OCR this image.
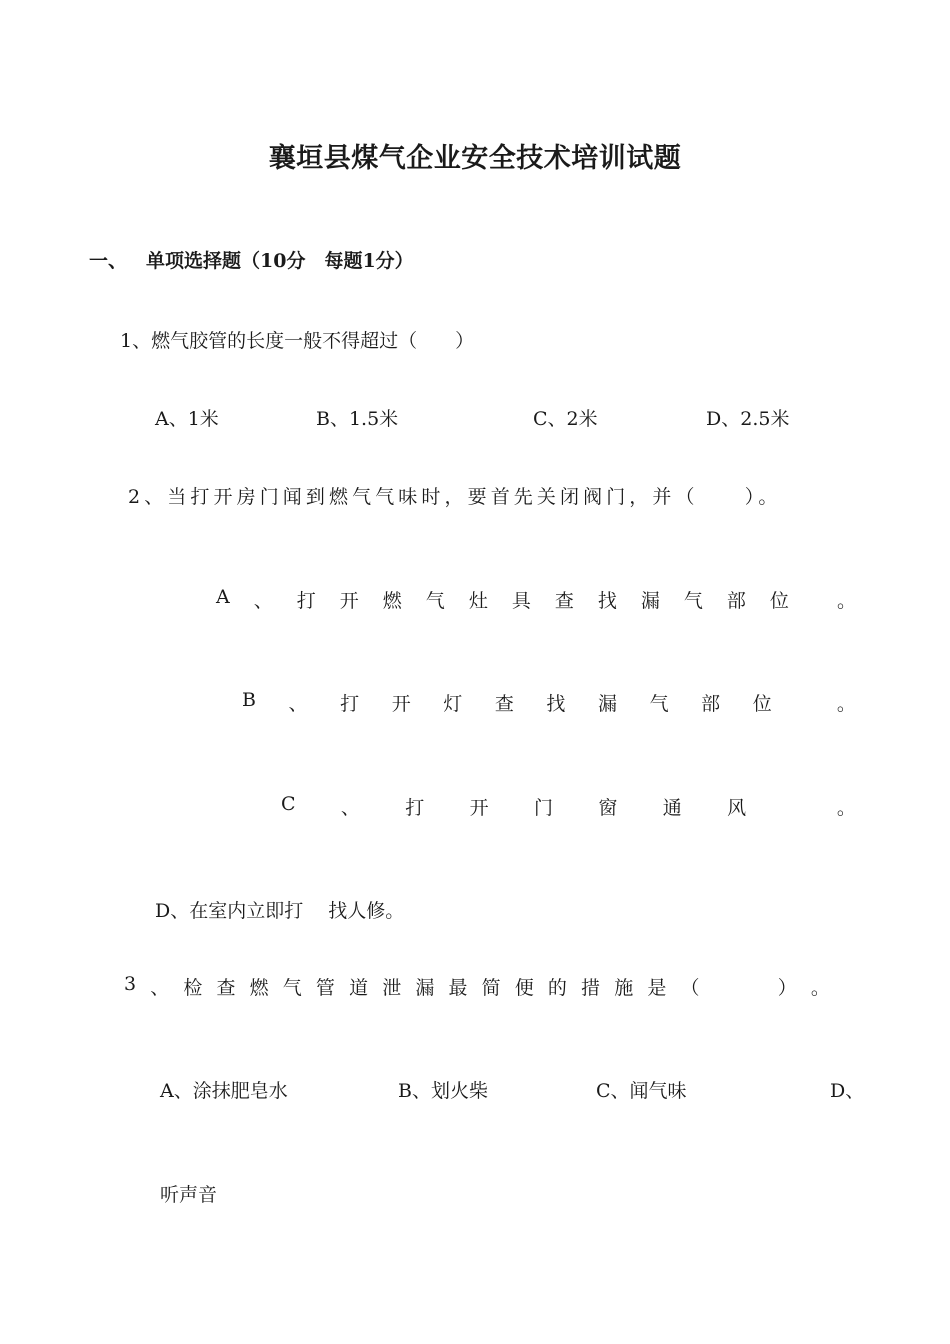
襄垣县煤气企业安全技术培训试题
一、 单项选择题（10分　每题1分）
1、燃气胶管的长度一般不得超过（　　）
A、1米	B、1.5米	C、2米	D、2.5米
2、当打开房门闻到燃气气味时，要首先关闭阀门，并（　　）。
A 、 打 开 燃 气 灶 具 查 找 漏 气 部 位	。
B 、 打 开 灯 查 找 漏 气 部 位	。
C 、 打 开 门 窗 通 风	。
D、在室内立即打　 找人修。
3 、 检 查 燃 气 管 道 泄 漏 最 简 便 的 措 施 是 （	） 。
A、涂抹肥皂水	B、划火柴	C、闻气味	D、
听声音
